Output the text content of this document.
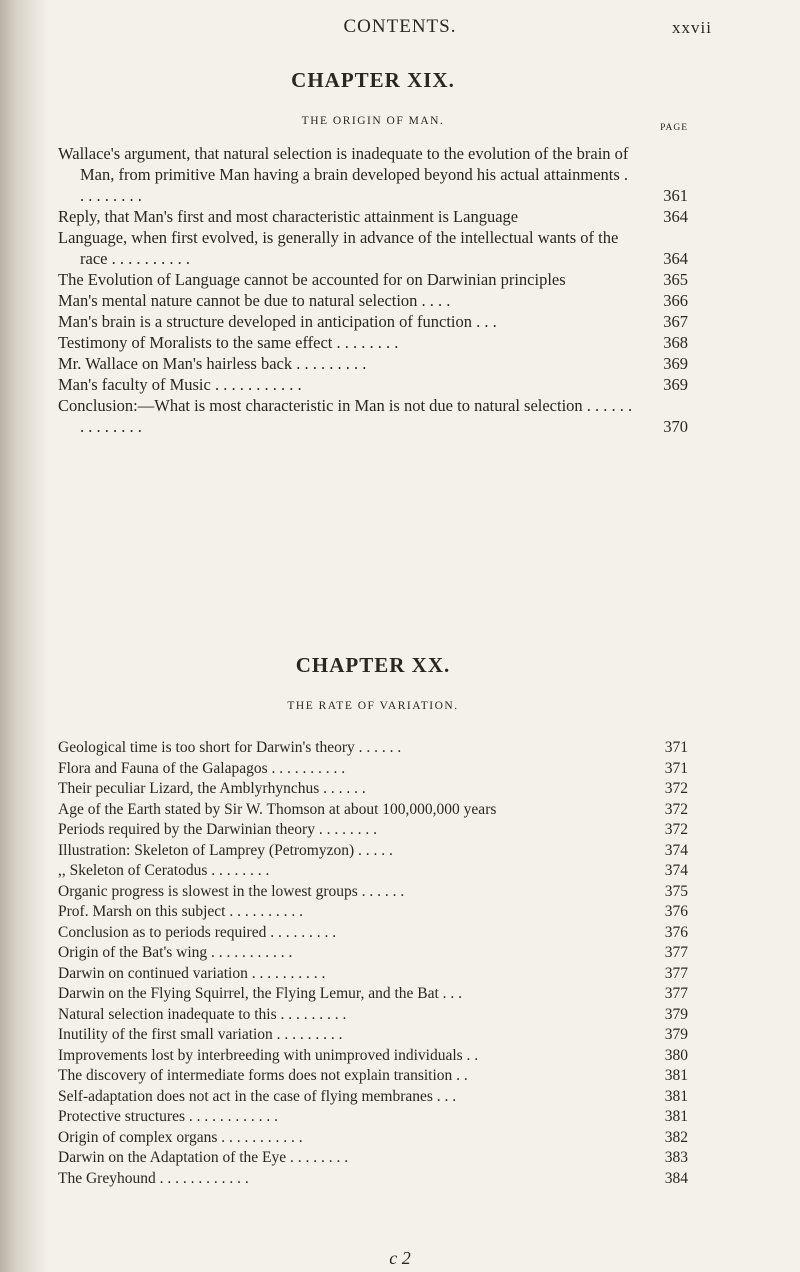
CONTENTS.	xxvii
CHAPTER XIX.
THE ORIGIN OF MAN.
PAGE
Wallace's argument, that natural selection is inadequate to the evolution of the brain of Man, from primitive Man having a brain developed beyond his actual attainments . . . . . . . . .	361
Reply, that Man's first and most characteristic attainment is Language	364
Language, when first evolved, is generally in advance of the intellectual wants of the race . . . . . . . . . .	364
The Evolution of Language cannot be accounted for on Darwinian principles	365
Man's mental nature cannot be due to natural selection . . . .	366
Man's brain is a structure developed in anticipation of function . . .	367
Testimony of Moralists to the same effect . . . . . . . .	368
Mr. Wallace on Man's hairless back . . . . . . . . .	369
Man's faculty of Music . . . . . . . . . . .	369
Conclusion:—What is most characteristic in Man is not due to natural selection . . . . . . . . . . . . . .	370
CHAPTER XX.
THE RATE OF VARIATION.
Geological time is too short for Darwin's theory . . . . . .	371
Flora and Fauna of the Galapagos . . . . . . . . . .	371
Their peculiar Lizard, the Amblyrhynchus . . . . . .	372
Age of the Earth stated by Sir W. Thomson at about 100,000,000 years	372
Periods required by the Darwinian theory . . . . . . . .	372
Illustration: Skeleton of Lamprey (Petromyzon) . . . . .	374
,, Skeleton of Ceratodus . . . . . . . .	374
Organic progress is slowest in the lowest groups . . . . . .	375
Prof. Marsh on this subject . . . . . . . . . .	376
Conclusion as to periods required . . . . . . . . .	376
Origin of the Bat's wing . . . . . . . . . . .	377
Darwin on continued variation . . . . . . . . . .	377
Darwin on the Flying Squirrel, the Flying Lemur, and the Bat . . .	377
Natural selection inadequate to this . . . . . . . . .	379
Inutility of the first small variation . . . . . . . . .	379
Improvements lost by interbreeding with unimproved individuals . .	380
The discovery of intermediate forms does not explain transition . .	381
Self-adaptation does not act in the case of flying membranes . . .	381
Protective structures . . . . . . . . . . . .	381
Origin of complex organs . . . . . . . . . . .	382
Darwin on the Adaptation of the Eye . . . . . . . .	383
The Greyhound . . . . . . . . . . . .	384
c 2
